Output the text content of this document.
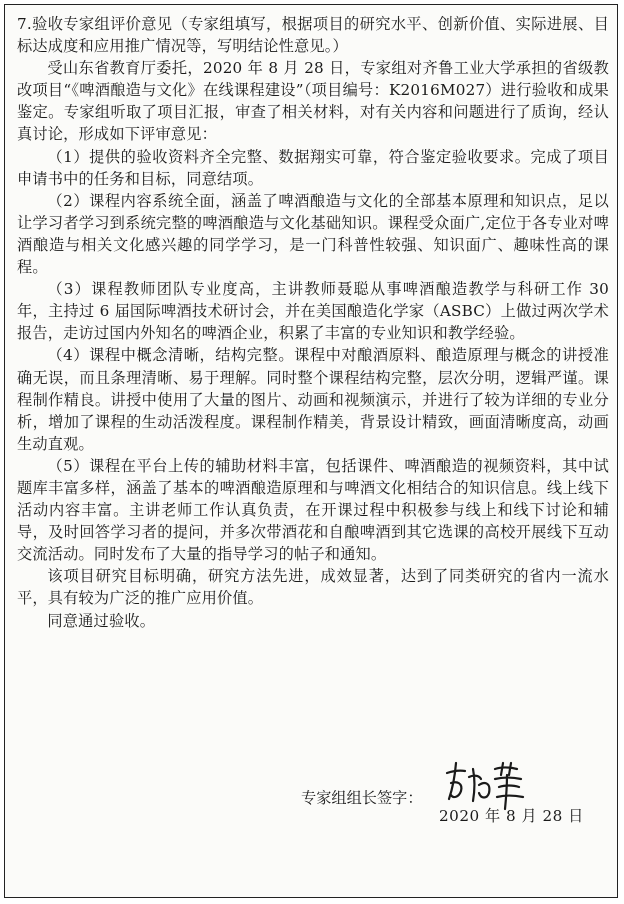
7.验收专家组评价意见（专家组填写，根据项目的研究水平、创新价值、实际进展、目标达成度和应用推广情况等，写明结论性意见。）

受山东省教育厅委托，2020 年 8 月 28 日，专家组对齐鲁工业大学承担的省级教改项目“《啤酒酿造与文化》在线课程建设”（项目编号：K2016M027）进行验收和成果鉴定。专家组听取了项目汇报，审查了相关材料，对有关内容和问题进行了质询，经认真讨论，形成如下评审意见：

（1）提供的验收资料齐全完整、数据翔实可靠，符合鉴定验收要求。完成了项目申请书中的任务和目标，同意结项。

（2）课程内容系统全面，涵盖了啤酒酿造与文化的全部基本原理和知识点，足以让学习者学习到系统完整的啤酒酿造与文化基础知识。课程受众面广,定位于各专业对啤酒酿造与相关文化感兴趣的同学学习，是一门科普性较强、知识面广、趣味性高的课程。

（3）课程教师团队专业度高，主讲教师聂聪从事啤酒酿造教学与科研工作 30 年，主持过 6 届国际啤酒技术研讨会，并在美国酿造化学家（ASBC）上做过两次学术报告，走访过国内外知名的啤酒企业，积累了丰富的专业知识和教学经验。

（4）课程中概念清晰，结构完整。课程中对酿酒原料、酿造原理与概念的讲授准确无误，而且条理清晰、易于理解。同时整个课程结构完整，层次分明，逻辑严谨。课程制作精良。讲授中使用了大量的图片、动画和视频演示，并进行了较为详细的专业分析，增加了课程的生动活泼程度。课程制作精美，背景设计精致，画面清晰度高，动画生动直观。

（5）课程在平台上传的辅助材料丰富，包括课件、啤酒酿造的视频资料，其中试题库丰富多样，涵盖了基本的啤酒酿造原理和与啤酒文化相结合的知识信息。线上线下活动内容丰富。主讲老师工作认真负责，在开课过程中积极参与线上和线下讨论和辅导，及时回答学习者的提问，并多次带酒花和自酿啤酒到其它选课的高校开展线下互动交流活动。同时发布了大量的指导学习的帖子和通知。

该项目研究目标明确，研究方法先进，成效显著，达到了同类研究的省内一流水平，具有较为广泛的推广应用价值。

同意通过验收。

专家组组长签字：
2020 年 8 月 28 日
